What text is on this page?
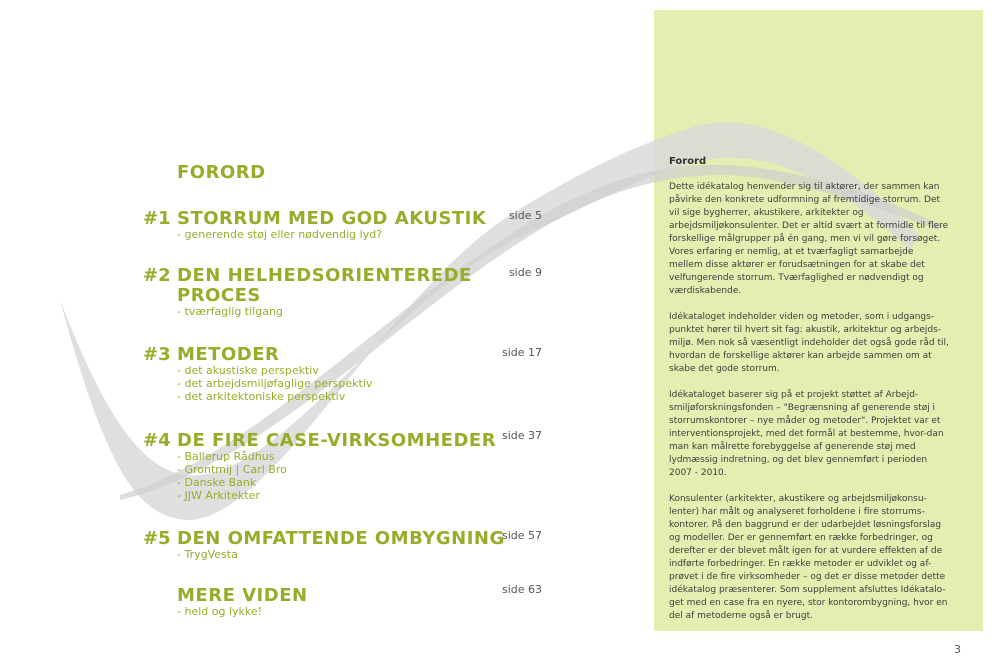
FORORD
#1 STORRUM MED GOD AKUSTIK
- generende støj eller nødvendig lyd?
side 5
#2 DEN HELHEDSORIENTEREDE
PROCES
- tværfaglig tilgang
side 9
#3 METODER
- det akustiske perspektiv
- det arbejdsmiljøfaglige perspektiv
- det arkitektoniske perspektiv
side 17
#4 DE FIRE CASE-VIRKSOMHEDER
- Ballerup Rådhus
- Grontmij | Carl Bro
- Danske Bank
- JJW Arkitekter
side 37
#5 DEN OMFATTENDE OMBYGNING
- TrygVesta
side 57
MERE VIDEN
- held og lykke!
side 63
Forord

Dette idékatalog henvender sig til aktører, der sammen kan påvirke den konkrete udformning af fremtidige storrum. Det vil sige bygherrer, akustikere, arkitekter og arbejdsmiljøkonsulenter. Det er altid svært at formidle til flere forskellige målgrupper på én gang, men vi vil gøre forsøget. Vores erfaring er nemlig, at et tværfagligt samarbejde mellem disse aktører er forudsætningen for at skabe det velfungerende storrum. Tværfaglighed er nødvendigt og værdiskabende.

Idékataloget indeholder viden og metoder, som i udgangs-punktet hører til hvert sit fag: akustik, arkitektur og arbejds-miljø. Men nok så væsentligt indeholder det også gode råd til, hvordan de forskellige aktører kan arbejde sammen om at skabe det gode storrum.

Idékataloget baserer sig på et projekt støttet af Arbejd-smiljøforskningsfonden – "Begrænsning af generende støj i storrumskontorer – nye måder og metoder". Projektet var et interventionsprojekt, med det formål at bestemme, hvor-dan man kan målrette forebyggelse af generende støj med lydmæssig indretning, og det blev gennemført i perioden 2007 - 2010.

Konsulenter (arkitekter, akustikere og arbejdsmiljøkonsu-lenter) har målt og analyseret forholdene i fire storrums-kontorer. På den baggrund er der udarbejdet løsningsforslag og modeller. Der er gennemført en række forbedringer, og derefter er der blevet målt igen for at vurdere effekten af de indførte forbedringer. En række metoder er udviklet og af-prøvet i de fire virksomheder – og det er disse metoder dette idékatalog præsenterer. Som supplement afsluttes Idékatalo-get med en case fra en nyere, stor kontorombygning, hvor en del af metoderne også er brugt.

3
